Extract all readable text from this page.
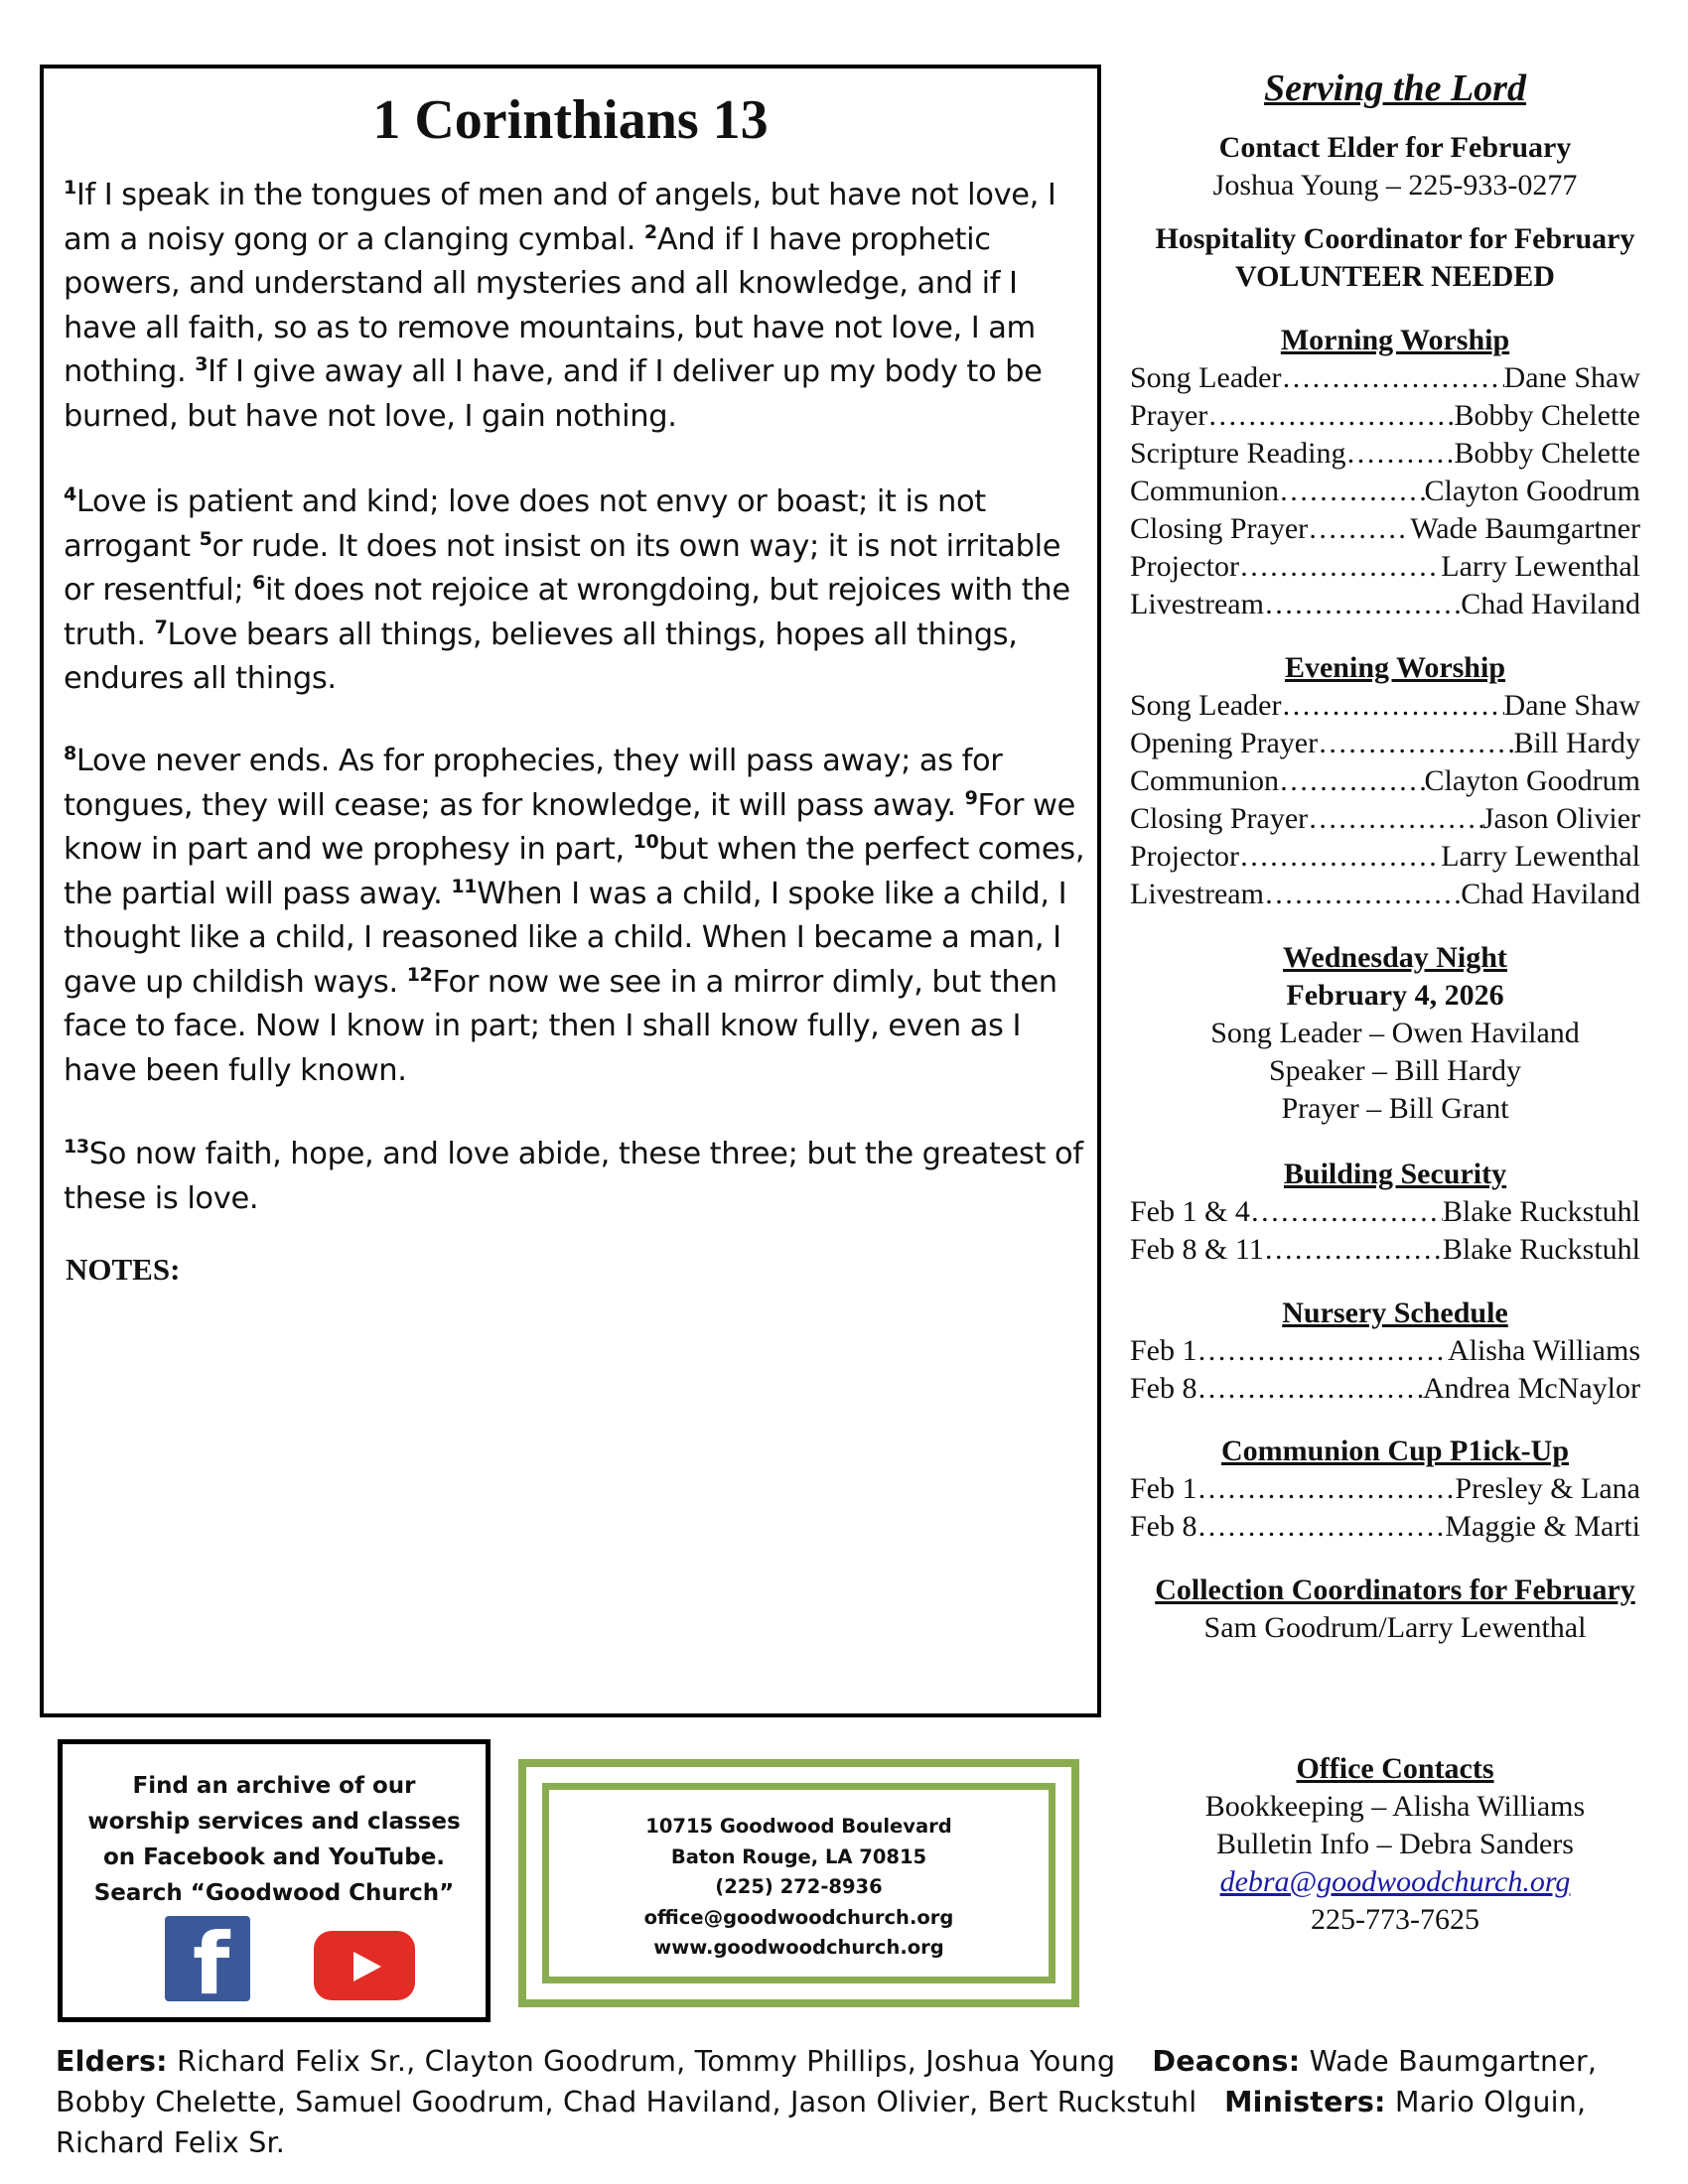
1 Corinthians 13

$^1$If I speak in the tongues of men and of angels, but have not love, I am a noisy gong or a clanging cymbal. $^2$And if I have prophetic powers, and understand all mysteries and all knowledge, and if I have all faith, so as to remove mountains, but have not love, I am nothing. $^3$If I give away all I have, and if I deliver up my body to be burned, but have not love, I gain nothing.

$^4$Love is patient and kind; love does not envy or boast; it is not arrogant $^5$or rude. It does not insist on its own way; it is not irritable or resentful; $^6$it does not rejoice at wrongdoing, but rejoices with the truth. $^7$Love bears all things, believes all things, hopes all things, endures all things.

$^8$Love never ends. As for prophecies, they will pass away; as for tongues, they will cease; as for knowledge, it will pass away. $^9$For we know in part and we prophesy in part, $^{10}$but when the perfect comes, the partial will pass away. $^{11}$When I was a child, I spoke like a child, I thought like a child, I reasoned like a child. When I became a man, I gave up childish ways. $^{12}$For now we see in a mirror dimly, but then face to face. Now I know in part; then I shall know fully, even as I have been fully known.

$^{13}$So now faith, hope, and love abide, these three; but the greatest of these is love.

NOTES:

Serving the Lord
Contact Elder for February
Joshua Young – 225-933-0277
Hospitality Coordinator for February
VOLUNTEER NEEDED
Morning Worship
Song Leader …………………………………………………………………………………………	Dane Shaw
Prayer …………………………………………………………………………………………	Bobby Chelette
Scripture Reading …………………………………………………………………………………………	Bobby Chelette
Communion …………………………………………………………………………………………	Clayton Goodrum
Closing Prayer …………………………………………………………………………………………	Wade Baumgartner
Projector …………………………………………………………………………………………	Larry Lewenthal
Livestream …………………………………………………………………………………………	Chad Haviland
Evening Worship
Song Leader …………………………………………………………………………………………	Dane Shaw
Opening Prayer …………………………………………………………………………………………	Bill Hardy
Communion …………………………………………………………………………………………	Clayton Goodrum
Closing Prayer …………………………………………………………………………………………	Jason Olivier
Projector …………………………………………………………………………………………	Larry Lewenthal
Livestream …………………………………………………………………………………………	Chad Haviland
Wednesday Night
February 4, 2026
Song Leader – Owen Haviland
Speaker – Bill Hardy
Prayer – Bill Grant
Building Security
Feb 1 & 4 …………………………………………………………………………………………	Blake Ruckstuhl
Feb 8 & 11 …………………………………………………………………………………………	Blake Ruckstuhl
Nursery Schedule
Feb 1 …………………………………………………………………………………………	Alisha Williams
Feb 8 …………………………………………………………………………………………	Andrea McNaylor
Communion Cup P1ick-Up
Feb 1 …………………………………………………………………………………………	Presley & Lana
Feb 8 …………………………………………………………………………………………	Maggie & Marti
Collection Coordinators for February
Sam Goodrum/Larry Lewenthal
Find an archive of our
worship services and classes
on Facebook and YouTube.
Search “Goodwood Church”
f
10715 Goodwood Boulevard
Baton Rouge, LA 70815
(225) 272-8936
office@goodwoodchurch.org
www.goodwoodchurch.org
Office Contacts
Bookkeeping – Alisha Williams
Bulletin Info – Debra Sanders
debra@goodwoodchurch.org
225-773-7625

Elders: Richard Felix Sr., Clayton Goodrum, Tommy Phillips, Joshua Young Deacons: Wade Baumgartner, Bobby Chelette, Samuel Goodrum, Chad Haviland, Jason Olivier, Bert Ruckstuhl Ministers: Mario Olguin, Richard Felix Sr.
